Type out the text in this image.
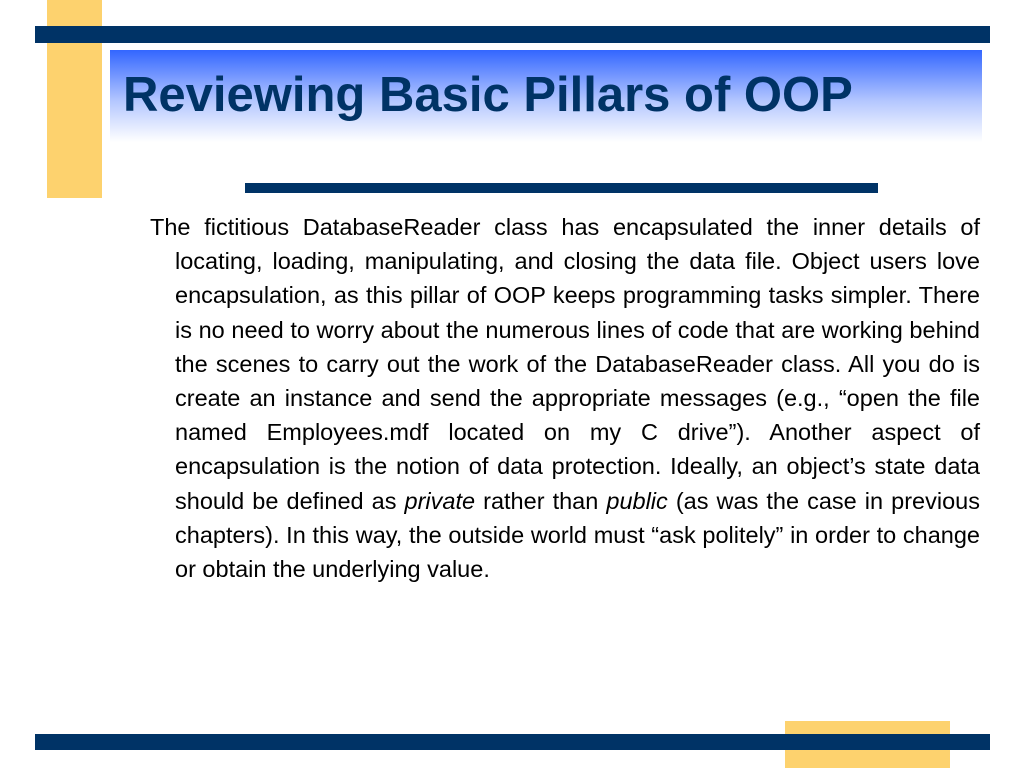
Reviewing Basic Pillars of OOP

The fictitious DatabaseReader class has encapsulated the inner details of locating, loading, manipulating, and closing the data file. Object users love encapsulation, as this pillar of OOP keeps programming tasks simpler. There is no need to worry about the numerous lines of code that are working behind the scenes to carry out the work of the DatabaseReader class. All you do is create an instance and send the appropriate messages (e.g., “open the file named Employees.mdf located on my C drive”). Another aspect of encapsulation is the notion of data protection. Ideally, an object’s state data should be defined as private rather than public (as was the case in previous chapters). In this way, the outside world must “ask politely” in order to change or obtain the underlying value.
